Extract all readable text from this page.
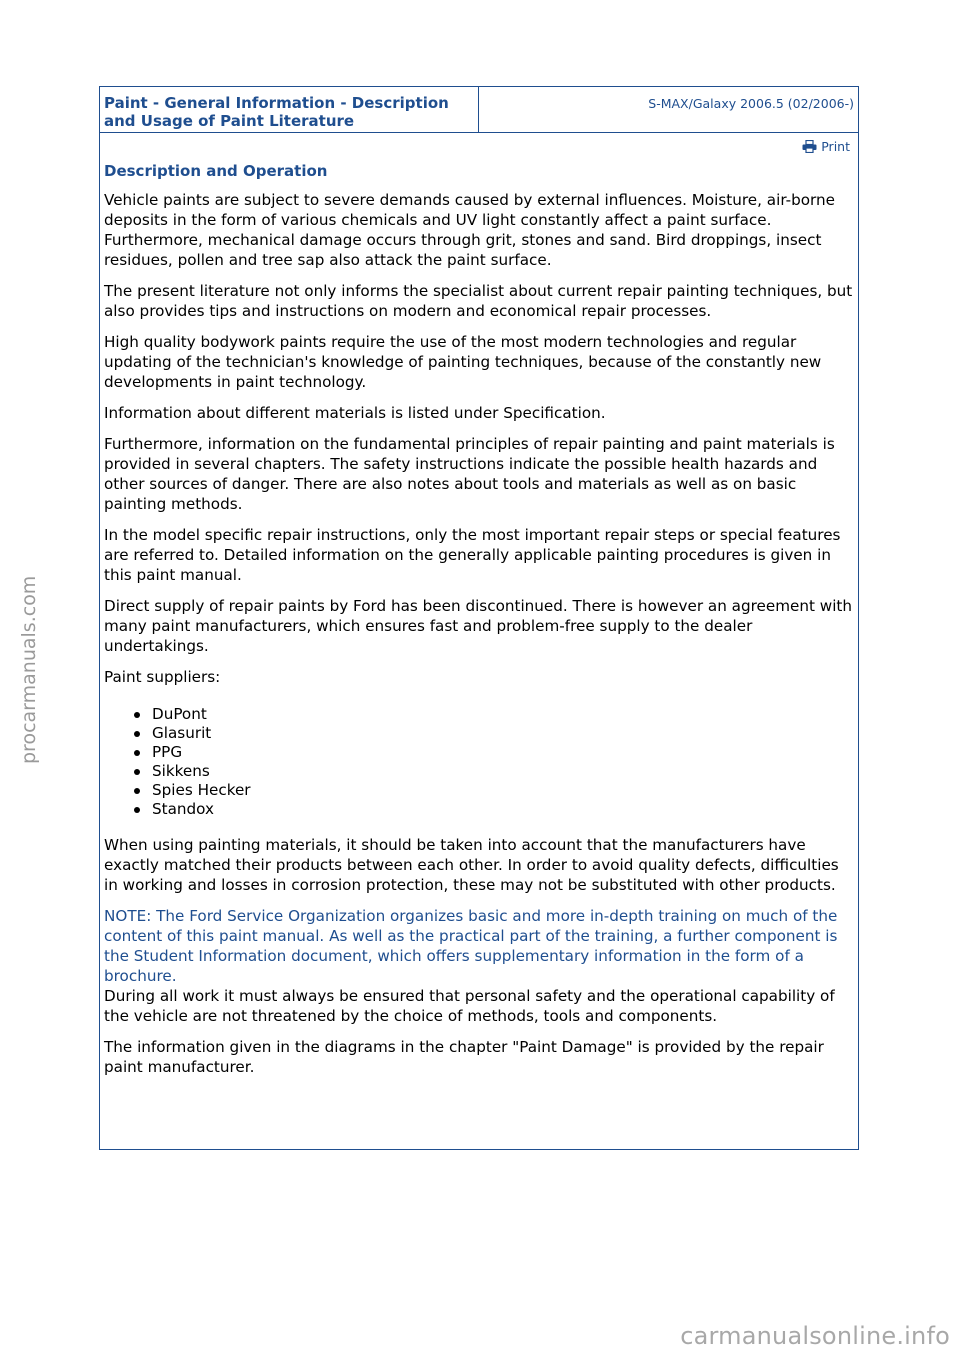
Paint - General Information - Description and Usage of Paint Literature
S-MAX/Galaxy 2006.5 (02/2006-)
Print
Description and Operation

Vehicle paints are subject to severe demands caused by external influences. Moisture, air-borne deposits in the form of various chemicals and UV light constantly affect a paint surface. Furthermore, mechanical damage occurs through grit, stones and sand. Bird droppings, insect residues, pollen and tree sap also attack the paint surface.

The present literature not only informs the specialist about current repair painting techniques, but also provides tips and instructions on modern and economical repair processes.

High quality bodywork paints require the use of the most modern technologies and regular updating of the technician's knowledge of painting techniques, because of the constantly new developments in paint technology.

Information about different materials is listed under Specification.

Furthermore, information on the fundamental principles of repair painting and paint materials is provided in several chapters. The safety instructions indicate the possible health hazards and other sources of danger. There are also notes about tools and materials as well as on basic painting methods.

In the model specific repair instructions, only the most important repair steps or special features are referred to. Detailed information on the generally applicable painting procedures is given in this paint manual.

Direct supply of repair paints by Ford has been discontinued. There is however an agreement with many paint manufacturers, which ensures fast and problem-free supply to the dealer undertakings.

Paint suppliers:

DuPont
Glasurit
PPG
Sikkens
Spies Hecker
Standox

When using painting materials, it should be taken into account that the manufacturers have exactly matched their products between each other. In order to avoid quality defects, difficulties in working and losses in corrosion protection, these may not be substituted with other products.

NOTE: The Ford Service Organization organizes basic and more in-depth training on much of the content of this paint manual. As well as the practical part of the training, a further component is the Student Information document, which offers supplementary information in the form of a brochure.

During all work it must always be ensured that personal safety and the operational capability of the vehicle are not threatened by the choice of methods, tools and components.

The information given in the diagrams in the chapter "Paint Damage" is provided by the repair paint manufacturer.

procarmanuals.com
carmanualsonline.info
